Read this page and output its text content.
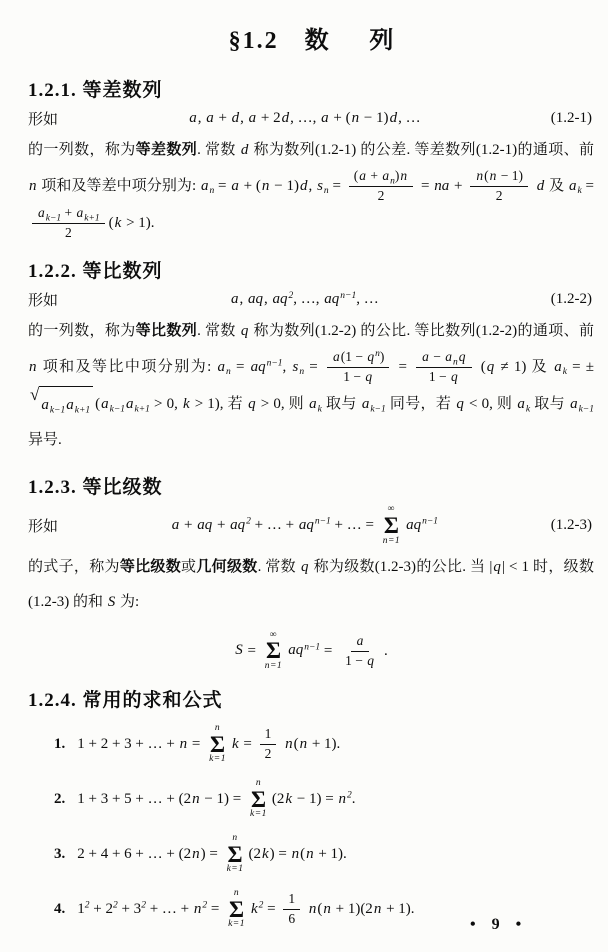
§1.2 数列
1.2.1. 等差数列
形如	a, a + d, a + 2d, …, a + (n − 1)d, …	(1.2-1)
的一列数，称为等差数列. 常数 d 称为数列(1.2-1) 的公差. 等差数列(1.2-1)的通项、前 n 项和及等差中项分别为: $a_n = a + (n - 1)d$, $s_n = \frac{(a + a_n)n}{2}$ = na + $\frac{n(n - 1)}{2}$ d 及 $a_k$ =
$\frac{a_{k-1} + a_{k+1}}{2} (k > 1)$.
1.2.2. 等比数列
形如	a, aq, $aq^2$, …, $aq^{n-1}$, …	(1.2-2)
的一列数，称为等比数列. 常数 q 称为数列(1.2-2) 的公比. 等比数列(1.2-2)的通项、前 n 项和及等比中项分别为: $a_n = aq^{n-1}$, $s_n = \frac{a(1 - q^n)}{1 - q} = \frac{a - a_nq}{1 - q} (q \ne 1)$ 及 $a_k$ = ±
√
$a_{k-1}a_{k+1}$ ($a_{k-1}a_{k+1} > 0$, k > 1), 若 q > 0, 则 $a_k$ 取与 $a_{k-1}$ 同号，若 q < 0, 则 $a_k$ 取与 $a_{k-1}$ 异号.
1.2.3. 等比级数
形如	a + aq + $aq^2$ + … + $aq^{n-1}$ + … =
∞
Σ
n=1
$aq^{n-1}$	(1.2-3)
的式子，称为等比级数或几何级数. 常数 q 称为级数(1.2-3)的公比. 当 |q| < 1 时，级数 (1.2-3) 的和 S 为:
S =
∞
Σ
n=1
$aq^{n-1} = \frac{a}{1 - q}$ .
1.2.4. 常用的求和公式
1. 1 + 2 + 3 + … + n =
n
Σ
k=1
$k = \frac{1}{2} n(n + 1)$.
2. 1 + 3 + 5 + … + (2n − 1) =
n
Σ
k=1
$(2k - 1) = n^2$.
3. 2 + 4 + 6 + … + (2n) =
n
Σ
k=1
(2k) = n(n + 1).
4. $1^2 + 2^2 + 3^2$ + … + $n^2$ =
n
Σ
k=1
$k^2 = \frac{1}{6} n(n + 1)(2n + 1)$.
• 9 •
